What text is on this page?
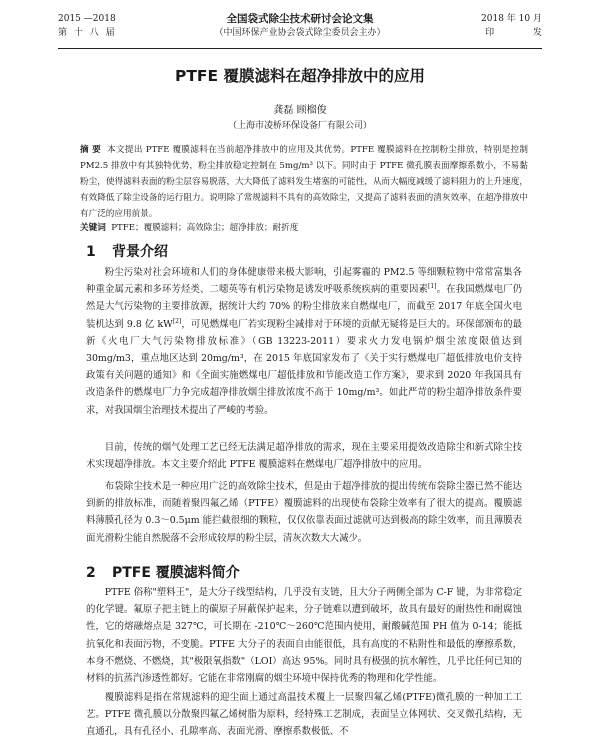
2015 —2018
第 十 八 届
全国袋式除尘技术研讨会论文集
（中国环保产业协会袋式除尘委员会主办）
2018 年 10 月
印 发
PTFE 覆膜滤料在超净排放中的应用
龚磊 顾榴俊
（上海市凌桥环保设备厂有限公司）
摘 要 本文提出 PTFE 覆膜滤料在当前超净排放中的应用及其优势。PTFE 覆膜滤料在控制粉尘排放，特别是控制 PM2.5 排放中有其独特优势，粉尘排放稳定控制在 5mg/m³ 以下。同时由于 PTFE 微孔膜表面摩擦系数小，不易黏粉尘，使得滤料表面的粉尘层容易脱落，大大降低了滤料发生堵塞的可能性，从而大幅度减缓了滤料阻力的上升速度，有效降低了除尘设备的运行阻力。说明除了常规滤料不具有的高效除尘，又提高了滤料表面的清灰效率，在超净排放中有广泛的应用前景。
关键词 PTFE；覆膜滤料；高效除尘；超净排放；耐折度
1 背景介绍

粉尘污染对社会环境和人们的身体健康带来极大影响，引起雾霾的 PM2.5 等细颗粒物中常常富集各种重金属元素和多环芳烃类、二噁英等有机污染物是诱发呼吸系统疾病的重要因素[1]。在我国燃煤电厂仍然是大气污染物的主要排放源，据统计大约 70% 的粉尘排放来自燃煤电厂，而截至 2017 年底全国火电装机达到 9.8 亿 kW[2]，可见燃煤电厂若实现粉尘减排对于环境的贡献无疑将是巨大的。环保部颁布的最新《火电厂大气污染物排放标准》（GB 13223-2011）要求火力发电锅炉烟尘浓度限值达到 30mg/m3，重点地区达到 20mg/m³，在 2015 年底国家发布了《关于实行燃煤电厂超低排放电价支持政策有关问题的通知》和《全面实施燃煤电厂超低排放和节能改造工作方案》，要求到 2020 年我国具有改造条件的燃煤电厂力争完成超净排放烟尘排放浓度不高于 10mg/m³。如此严苛的粉尘超净排放条件要求，对我国烟尘治理技术提出了严峻的考验。

目前，传统的烟气处理工艺已经无法满足超净排放的需求，现在主要采用提效改造除尘和新式除尘技术实现超净排放。本文主要介绍此 PTFE 覆膜滤料在燃煤电厂超净排放中的应用。

布袋除尘技术是一种应用广泛的高效除尘技术，但是由于超净排放的提出传统布袋除尘器已然不能达到新的排放标准，而随着聚四氟乙烯（PTFE）覆膜滤料的出现使布袋除尘效率有了很大的提高。覆膜滤料薄膜孔径为 0.3～0.5μm 能拦截很细的颗粒，仅仅依靠表面过滤就可达到极高的除尘效率，而且薄膜表面光滑粉尘能自然脱落不会形成较厚的粉尘层，清灰次数大大减少。

2 PTFE 覆膜滤料简介

PTFE 俗称"塑料王"，是大分子线型结构，几乎没有支链，且大分子两侧全部为 C-F 键，为非常稳定的化学键。氟原子把主链上的碳原子屏蔽保护起来，分子链难以遭到破坏，故具有最好的耐热性和耐腐蚀性，它的熔融熔点是 327℃，可长期在 -210℃～260℃范围内使用，耐酸碱范围 PH 值为 0-14；能抵抗氧化和表面污物，不变脆。PTFE 大分子的表面自由能很低，具有高度的不粘附性和最低的摩擦系数，本身不燃烧、不燃烧，其"极限氧指数"（LOI）高达 95%。同时具有极强的抗水解性，几乎比任何已知的材料的抗蒸汽渗透性都好。它能在非常刚腐的烟尘环境中保持优秀的物理和化学性能。

覆膜滤料是指在常规滤料的迎尘面上通过高温技术覆上一层聚四氟乙烯(PTFE)微孔膜的一种加工工艺。PTFE 微孔膜以分散聚四氟乙烯树脂为原料，经特殊工艺制成，表面呈立体网状、交叉微孔结构，无直通孔，具有孔径小、孔隙率高、表面光滑、摩擦系数极低、不
